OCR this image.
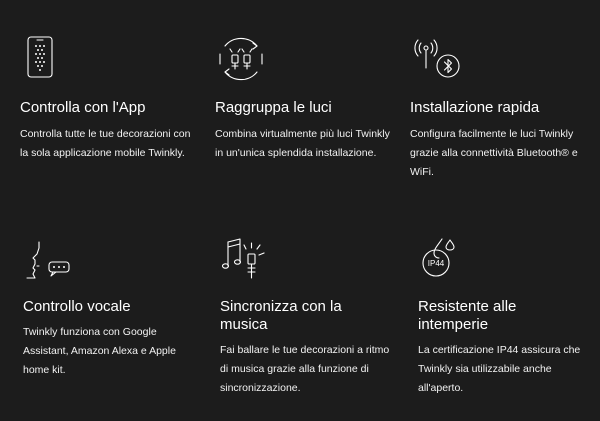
Controlla con l'App

Controlla tutte le tue decorazioni con la sola applicazione mobile Twinkly.

Raggruppa le luci

Combina virtualmente più luci Twinkly in un'unica splendida installazione.

Installazione rapida

Configura facilmente le luci Twinkly grazie alla connettività Bluetooth® e WiFi.

Controllo vocale

Twinkly funziona con Google Assistant, Amazon Alexa e Apple home kit.

Sincronizza con la musica

Fai ballare le tue decorazioni a ritmo di musica grazie alla funzione di sincronizzazione.

IP44
Resistente alle intemperie

La certificazione IP44 assicura che Twinkly sia utilizzabile anche all'aperto.
